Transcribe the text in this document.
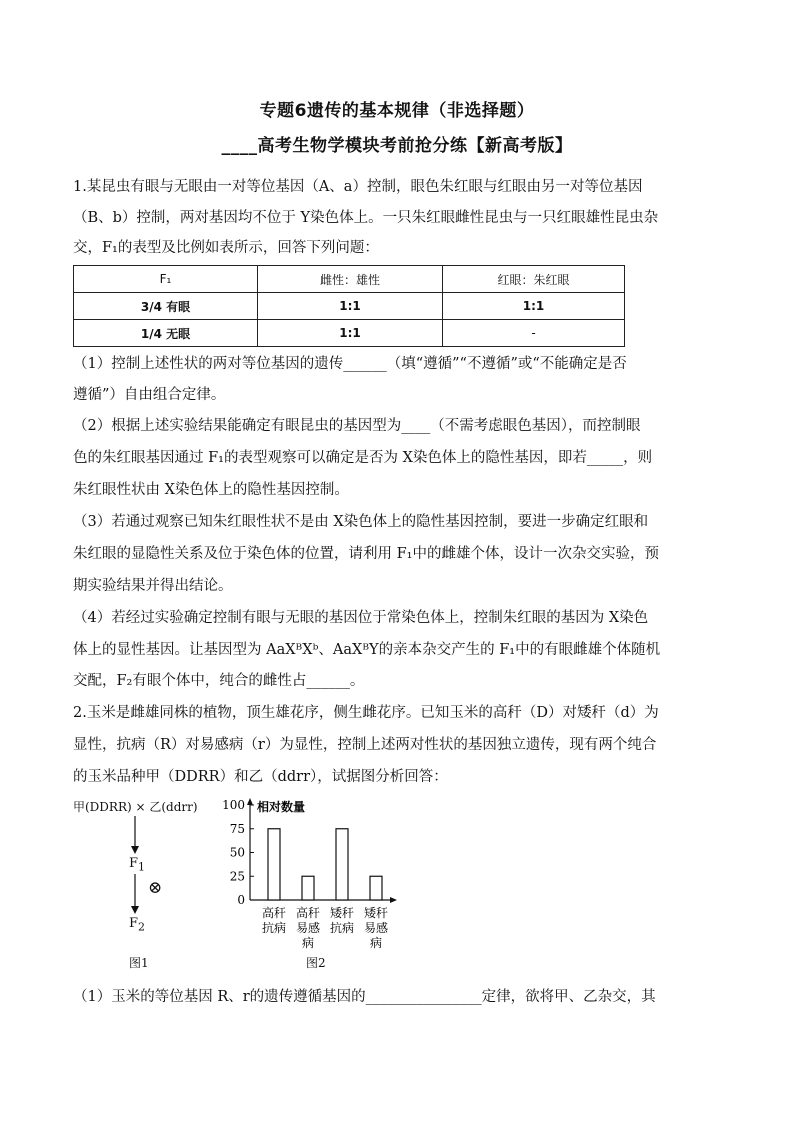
专题6遗传的基本规律（非选择题）
____高考生物学模块考前抢分练【新高考版】
1.某昆虫有眼与无眼由一对等位基因（A、a）控制，眼色朱红眼与红眼由另一对等位基因
（B、b）控制，两对基因均不位于 Y染色体上。一只朱红眼雌性昆虫与一只红眼雄性昆虫杂
交，F₁的表型及比例如表所示，回答下列问题：
F₁	雌性：雄性	红眼：朱红眼
3/4 有眼	1:1	1:1
1/4 无眼	1:1	-
（1）控制上述性状的两对等位基因的遗传______（填“遵循”“不遵循”或“不能确定是否
遵循”）自由组合定律。
（2）根据上述实验结果能确定有眼昆虫的基因型为____（不需考虑眼色基因），而控制眼
色的朱红眼基因通过 F₁的表型观察可以确定是否为 X染色体上的隐性基因，即若_____，则
朱红眼性状由 X染色体上的隐性基因控制。
（3）若通过观察已知朱红眼性状不是由 X染色体上的隐性基因控制，要进一步确定红眼和
朱红眼的显隐性关系及位于染色体的位置，请利用 F₁中的雌雄个体，设计一次杂交实验，预
期实验结果并得出结论。
（4）若经过实验确定控制有眼与无眼的基因位于常染色体上，控制朱红眼的基因为 X染色
体上的显性基因。让基因型为 AaXᴮXᵇ、AaXᴮY的亲本杂交产生的 F₁中的有眼雌雄个体随机
交配，F₂有眼个体中，纯合的雌性占______。
2.玉米是雌雄同株的植物，顶生雄花序，侧生雌花序。已知玉米的高秆（D）对矮秆（d）为
显性，抗病（R）对易感病（r）为显性，控制上述两对性状的基因独立遗传，现有两个纯合
的玉米品种甲（DDRR）和乙（ddrr），试据图分析回答：
甲(DDRR) × 乙(ddrr)
$F_1$
⊗
$F_2$
图1
0
25
50
75
100 相对数量
高秆
抗病
高秆
易感
病
矮秆
抗病
矮秆
易感
病
图2
（1）玉米的等位基因 R、r的遗传遵循基因的________________定律，欲将甲、乙杂交，其
